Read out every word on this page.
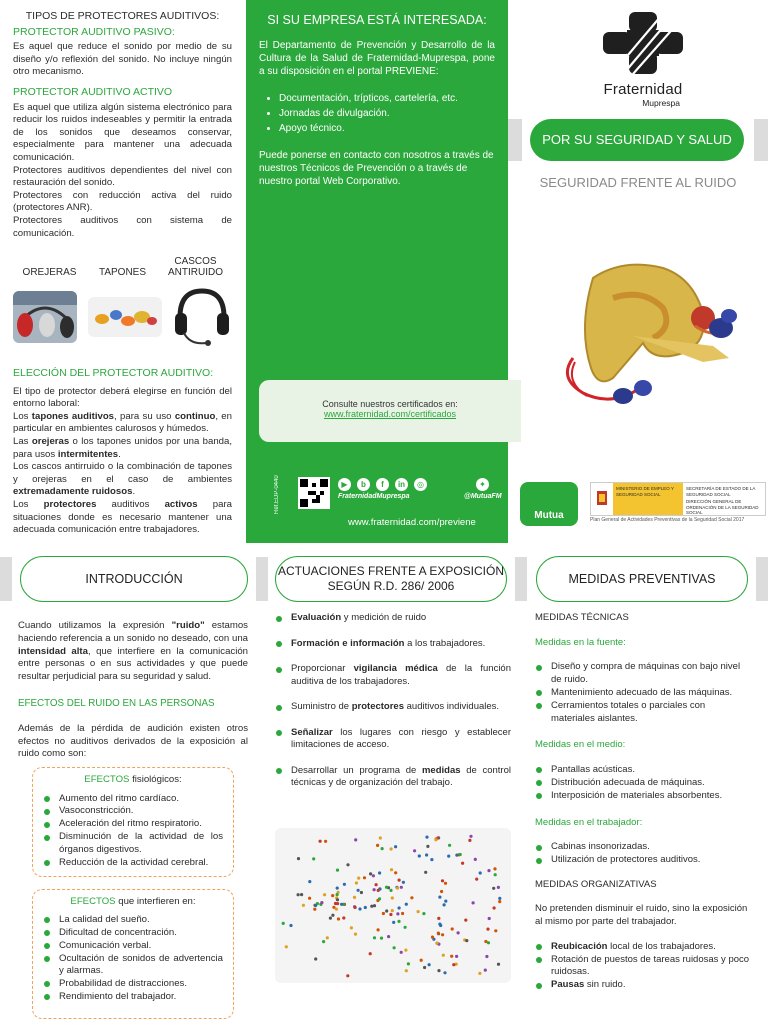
TIPOS DE PROTECTORES AUDITIVOS:
PROTECTOR AUDITIVO PASIVO:

Es aquel que reduce el sonido por medio de su diseño y/o reflexión del sonido. No incluye ningún otro mecanismo.

PROTECTOR AUDITIVO ACTIVO

Es aquel que utiliza algún sistema electrónico para reducir los ruidos indeseables y permitir la entrada de los sonidos que deseamos conservar, especialmente para mantener una adecuada comunicación.

Protectores auditivos dependientes del nivel con restauración del sonido.

Protectores con reducción activa del ruido (protectores ANR).

Protectores auditivos con sistema de comunicación.

OREJERAS	TAPONES
CASCOS ANTIRUIDO
ELECCIÓN DEL PROTECTOR AUDITIVO:

El tipo de protector deberá elegirse en función del entorno laboral:

Los tapones auditivos, para su uso continuo, en particular en ambientes calurosos y húmedos.

Las orejeras o los tapones unidos por una banda, para usos intermitentes.

Los cascos antirruido o la combinación de tapones y orejeras en el caso de ambientes extremadamente ruidosos.

Los protectores auditivos activos para situaciones donde es necesario mantener una adecuada comunicación entre trabajadores.

SI SU EMPRESA ESTÁ INTERESADA:

El Departamento de Prevención y Desarrollo de la Cultura de la Salud de Fraternidad-Muprespa, pone a su disposición en el portal PREVIENE:

• Documentación, trípticos, cartelería, etc.
• Jornadas de divulgación.
• Apoyo técnico.

Puede ponerse en contacto con nosotros a través de nuestros Técnicos de Prevención o a través de nuestro portal Web Corporativo.

Consulte nuestros certificados en:
www.fraternidad.com/certificados
Ref.EDP-0440	▶	b	f	in	◎	✦
FraternidadMuprespa	@MutuaFM
www.fraternidad.com/previene
Fraternidad
Muprespa
POR SU SEGURIDAD Y SALUD
SEGURIDAD FRENTE AL RUIDO
Mutua
MINISTERIO DE EMPLEO Y SEGURIDAD SOCIAL
SECRETARÍA DE ESTADO DE LA SEGURIDAD SOCIAL
DIRECCIÓN GENERAL DE ORDENACIÓN DE LA SEGURIDAD SOCIAL
Plan General de Actividades Preventivas de la Seguridad Social 2017
INTRODUCCIÓN

Cuando utilizamos la expresión "ruido" estamos haciendo referencia a un sonido no deseado, con una intensidad alta, que interfiere en la comunicación entre personas o en sus actividades y que puede resultar perjudicial para su seguridad y salud.

EFECTOS DEL RUIDO EN LAS PERSONAS

Además de la pérdida de audición existen otros efectos no auditivos derivados de la exposición al ruido como son:

EFECTOS fisiológicos:
Aumento del ritmo cardíaco.
Vasoconstricción.
Aceleración del ritmo respiratorio.
Disminución de la actividad de los órganos digestivos.
Reducción de la actividad cerebral.
EFECTOS que interfieren en:
La calidad del sueño.
Dificultad de concentración.
Comunicación verbal.
Ocultación de sonidos de advertencia y alarmas.
Probabilidad de distracciones.
Rendimiento del trabajador.
ACTUACIONES FRENTE A EXPOSICIÓN
SEGÚN R.D. 286/ 2006
Evaluación y medición de ruido
Formación e información a los trabajadores.
Proporcionar vigilancia médica de la función auditiva de los trabajadores.
Suministro de protectores auditivos individuales.
Señalizar los lugares con riesgo y establecer limitaciones de acceso.
Desarrollar un programa de medidas de control técnicas y de organización del trabajo.
MEDIDAS PREVENTIVAS
MEDIDAS TÉCNICAS
Medidas en la fuente:
Diseño y compra de máquinas con bajo nivel de ruido.
Mantenimiento adecuado de las máquinas.
Cerramientos totales o parciales con materiales aislantes.
Medidas en el medio:
Pantallas acústicas.
Distribución adecuada de máquinas.
Interposición de materiales absorbentes.
Medidas en el trabajador:
Cabinas insonorizadas.
Utilización de protectores auditivos.
MEDIDAS ORGANIZATIVAS

No pretenden disminuir el ruido, sino la exposición al mismo por parte del trabajador.

Reubicación local de los trabajadores.
Rotación de puestos de tareas ruidosas y poco ruidosas.
Pausas sin ruido.
